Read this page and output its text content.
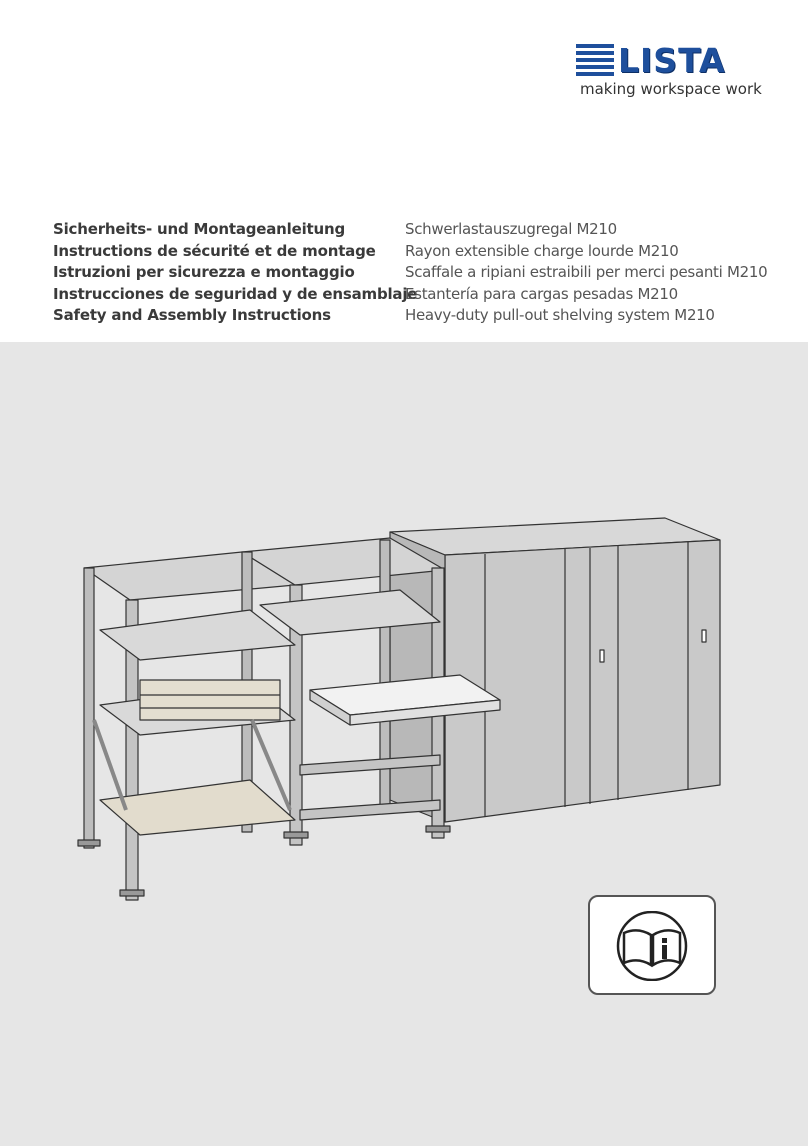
LISTA
making workspace work
Sicherheits- und Montageanleitung
Instructions de sécurité et de montage
Istruzioni per sicurezza e montaggio
Instrucciones de seguridad y de ensamblaje
Safety and Assembly Instructions
Schwerlastauszugregal M210
Rayon extensible charge lourde M210
Scaffale a ripiani estraibili per merci pesanti M210
Estantería para cargas pesadas M210
Heavy-duty pull-out shelving system M210
